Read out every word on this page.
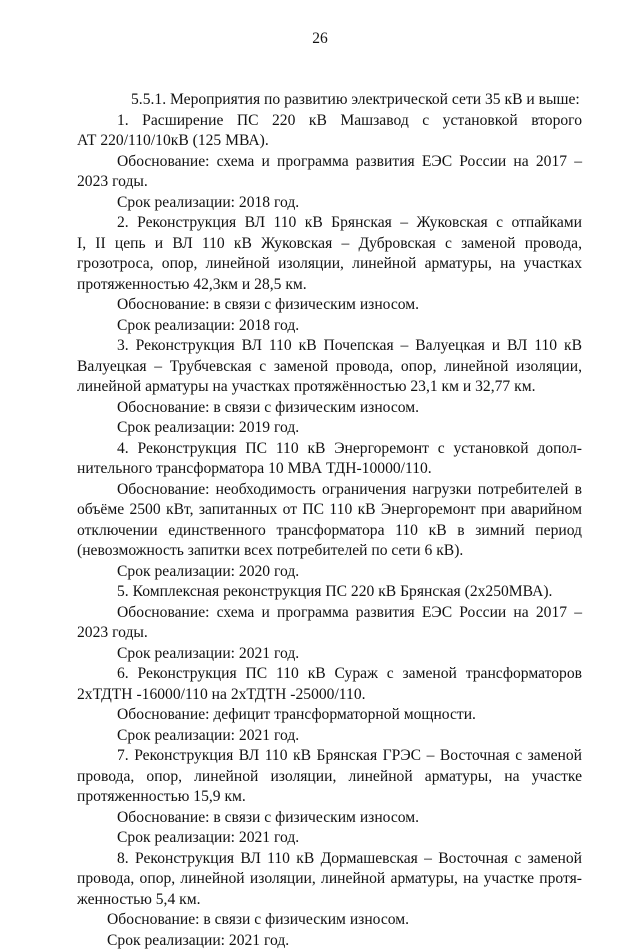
26
5.5.1. Мероприятия по развитию электрической сети 35 кВ и выше:
1. Расширение ПС 220 кВ Машзавод с установкой второго
АТ 220/110/10кВ (125 МВА).
Обоснование: схема и программа развития ЕЭС России на 2017 –
2023 годы.
Срок реализации: 2018 год.
2. Реконструкция ВЛ 110 кВ Брянская – Жуковская с отпайками
I, II цепь и ВЛ 110 кВ Жуковская – Дубровская с заменой провода,
грозотроса, опор, линейной изоляции, линейной арматуры, на участках
протяженностью 42,3км и 28,5 км.
Обоснование: в связи с физическим износом.
Срок реализации: 2018 год.
3. Реконструкция ВЛ 110 кВ Почепская – Валуецкая и ВЛ 110 кВ
Валуецкая – Трубчевская с заменой провода, опор, линейной изоляции,
линейной арматуры на участках протяжённостью 23,1 км и 32,77 км.
Обоснование: в связи с физическим износом.
Срок реализации: 2019 год.
4. Реконструкция ПС 110 кВ Энергоремонт с установкой допол-
нительного трансформатора 10 МВА ТДН-10000/110.
Обоснование: необходимость ограничения нагрузки потребителей в
объёме 2500 кВт, запитанных от ПС 110 кВ Энергоремонт при аварийном
отключении единственного трансформатора 110 кВ в зимний период
(невозможность запитки всех потребителей по сети 6 кВ).
Срок реализации: 2020 год.
5. Комплексная реконструкция ПС 220 кВ Брянская (2х250МВА).
Обоснование: схема и программа развития ЕЭС России на 2017 –
2023 годы.
Срок реализации: 2021 год.
6. Реконструкция ПС 110 кВ Сураж с заменой трансформаторов
2хТДТН -16000/110 на 2хТДТН -25000/110.
Обоснование: дефицит трансформаторной мощности.
Срок реализации: 2021 год.
7. Реконструкция ВЛ 110 кВ Брянская ГРЭС – Восточная с заменой
провода, опор, линейной изоляции, линейной арматуры, на участке
протяженностью 15,9 км.
Обоснование: в связи с физическим износом.
Срок реализации: 2021 год.
8. Реконструкция ВЛ 110 кВ Дормашевская – Восточная с заменой
провода, опор, линейной изоляции, линейной арматуры, на участке протя-
женностью 5,4 км.
Обоснование: в связи с физическим износом.
Срок реализации: 2021 год.
